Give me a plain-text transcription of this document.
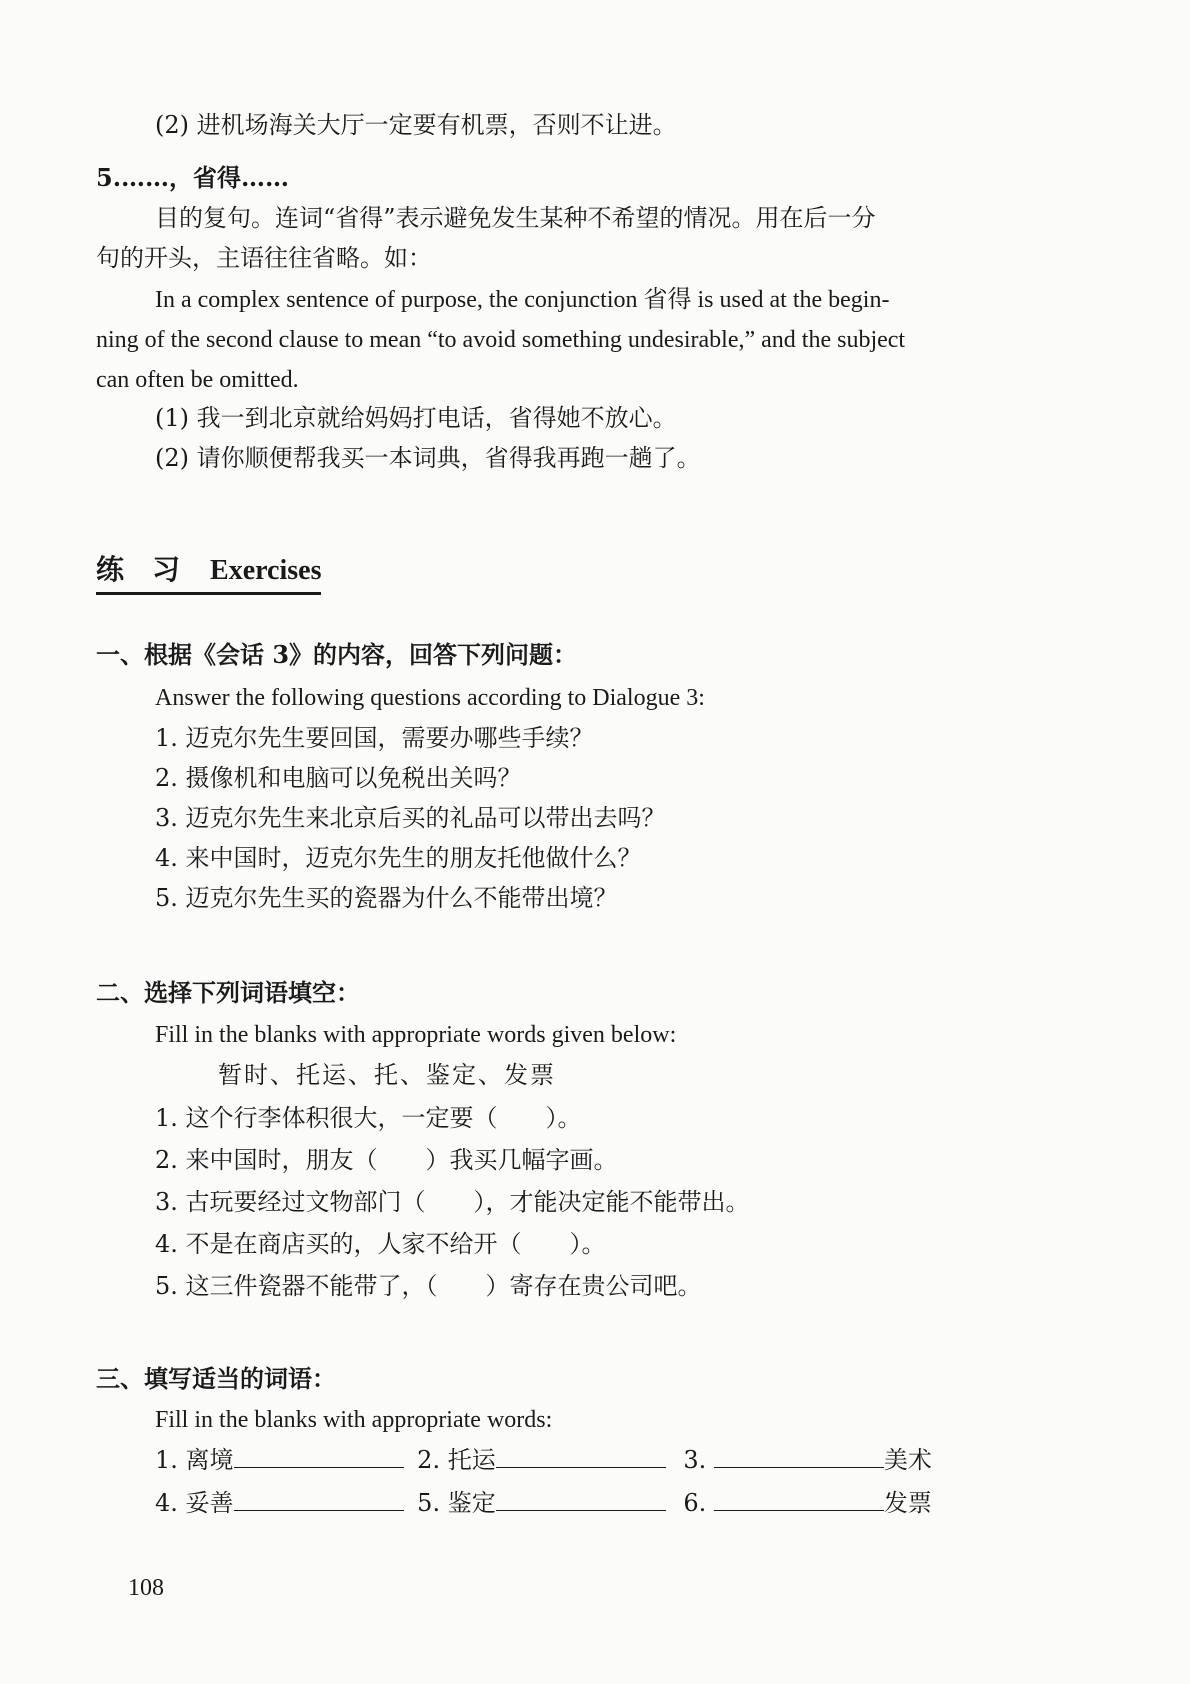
(2) 进机场海关大厅一定要有机票，否则不让进。
5.……，省得……
目的复句。连词“省得”表示避免发生某种不希望的情况。用在后一分
句的开头，主语往往省略。如：
In a complex sentence of purpose, the conjunction 省得 is used at the begin-
ning of the second clause to mean “to avoid something undesirable,” and the subject
can often be omitted.
(1) 我一到北京就给妈妈打电话，省得她不放心。
(2) 请你顺便帮我买一本词典，省得我再跑一趟了。
练　习 Exercises
一、根据《会话 3》的内容，回答下列问题：
Answer the following questions according to Dialogue 3:
1. 迈克尔先生要回国，需要办哪些手续？
2. 摄像机和电脑可以免税出关吗？
3. 迈克尔先生来北京后买的礼品可以带出去吗？
4. 来中国时，迈克尔先生的朋友托他做什么？
5. 迈克尔先生买的瓷器为什么不能带出境？
二、选择下列词语填空：
Fill in the blanks with appropriate words given below:
暂时、托运、托、鉴定、发票
1. 这个行李体积很大，一定要（　　）。
2. 来中国时，朋友（　　）我买几幅字画。
3. 古玩要经过文物部门（　　），才能决定能不能带出。
4. 不是在商店买的，人家不给开（　　）。
5. 这三件瓷器不能带了，（　　）寄存在贵公司吧。
三、填写适当的词语：
Fill in the blanks with appropriate words:
1. 离境	2. 托运	3.	美术
4. 妥善	5. 鉴定	6.	发票
108
